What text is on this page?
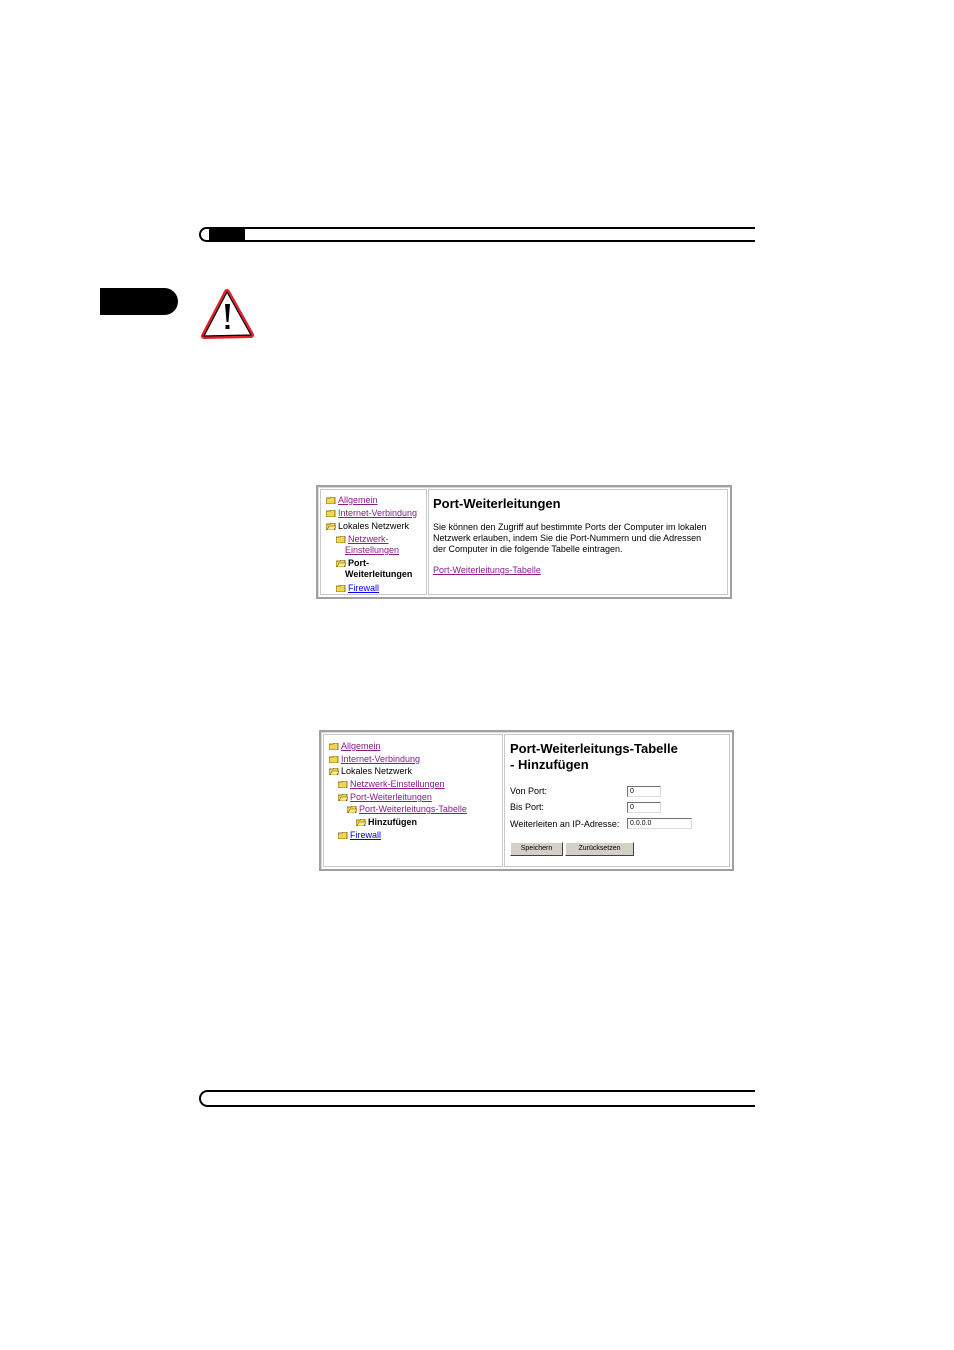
Allgemein
Internet-Verbindung
Lokales Netzwerk
Netzwerk-
Einstellungen
Port-
Weiterleitungen
Firewall
Port-Weiterleitungen
Sie können den Zugriff auf bestimmte Ports der Computer im lokalen
Netzwerk erlauben, indem Sie die Port-Nummern und die Adressen
der Computer in die folgende Tabelle eintragen.
Port-Weiterleitungs-Tabelle
Allgemein
Internet-Verbindung
Lokales Netzwerk
Netzwerk-Einstellungen
Port-Weiterleitungen
Port-Weiterleitungs-Tabelle
Hinzufügen
Firewall
Port-Weiterleitungs-Tabelle
- Hinzufügen
Von Port:	0
Bis Port:	0
Weiterleiten an IP-Adresse:	0.0.0.0
Speichern	Zurücksetzen
